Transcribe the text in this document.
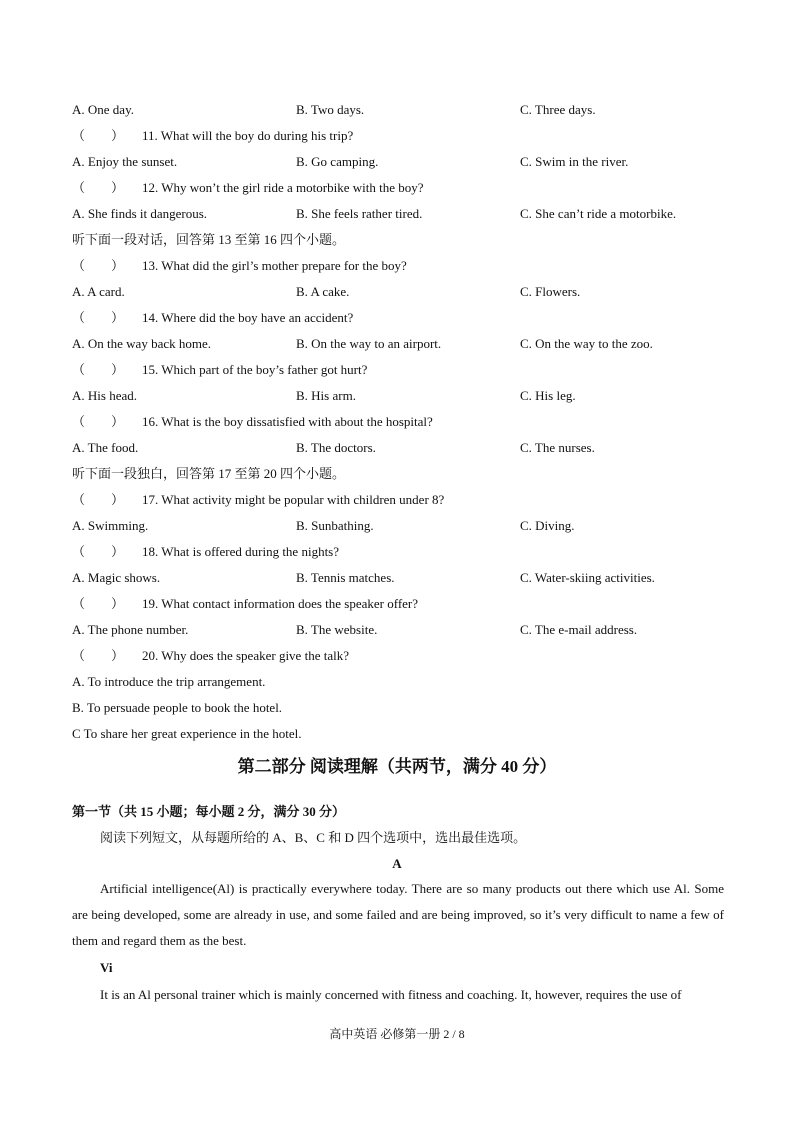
A. One day.	B. Two days.	C. Three days.
（　　） 11. What will the boy do during his trip?
A. Enjoy the sunset.	B. Go camping.	C. Swim in the river.
（　　） 12. Why won’t the girl ride a motorbike with the boy?
A. She finds it dangerous.	B. She feels rather tired.	C. She can’t ride a motorbike.
听下面一段对话，回答第 13 至第 16 四个小题。
（　　） 13. What did the girl’s mother prepare for the boy?
A. A card.	B. A cake.	C. Flowers.
（　　） 14. Where did the boy have an accident?
A. On the way back home.	B. On the way to an airport.	C. On the way to the zoo.
（　　） 15. Which part of the boy’s father got hurt?
A. His head.	B. His arm.	C. His leg.
（　　） 16. What is the boy dissatisfied with about the hospital?
A. The food.	B. The doctors.	C. The nurses.
听下面一段独白，回答第 17 至第 20 四个小题。
（　　） 17. What activity might be popular with children under 8?
A. Swimming.	B. Sunbathing.	C. Diving.
（　　） 18. What is offered during the nights?
A. Magic shows.	B. Tennis matches.	C. Water-skiing activities.
（　　） 19. What contact information does the speaker offer?
A. The phone number.	B. The website.	C. The e-mail address.
（　　） 20. Why does the speaker give the talk?
A. To introduce the trip arrangement.
B. To persuade people to book the hotel.
C To share her great experience in the hotel.
第二部分 阅读理解（共两节，满分 40 分）
第一节（共 15 小题；每小题 2 分，满分 30 分）
阅读下列短文，从每题所给的 A、B、C 和 D 四个选项中，选出最佳选项。
A
Artificial intelligence(Al) is practically everywhere today. There are so many products out there which use Al. Some are being developed, some are already in use, and some failed and are being improved, so it’s very difficult to name a few of them and regard them as the best.
Vi
It is an Al personal trainer which is mainly concerned with fitness and coaching. It, however, requires the use of
高中英语 必修第一册 2 / 8
